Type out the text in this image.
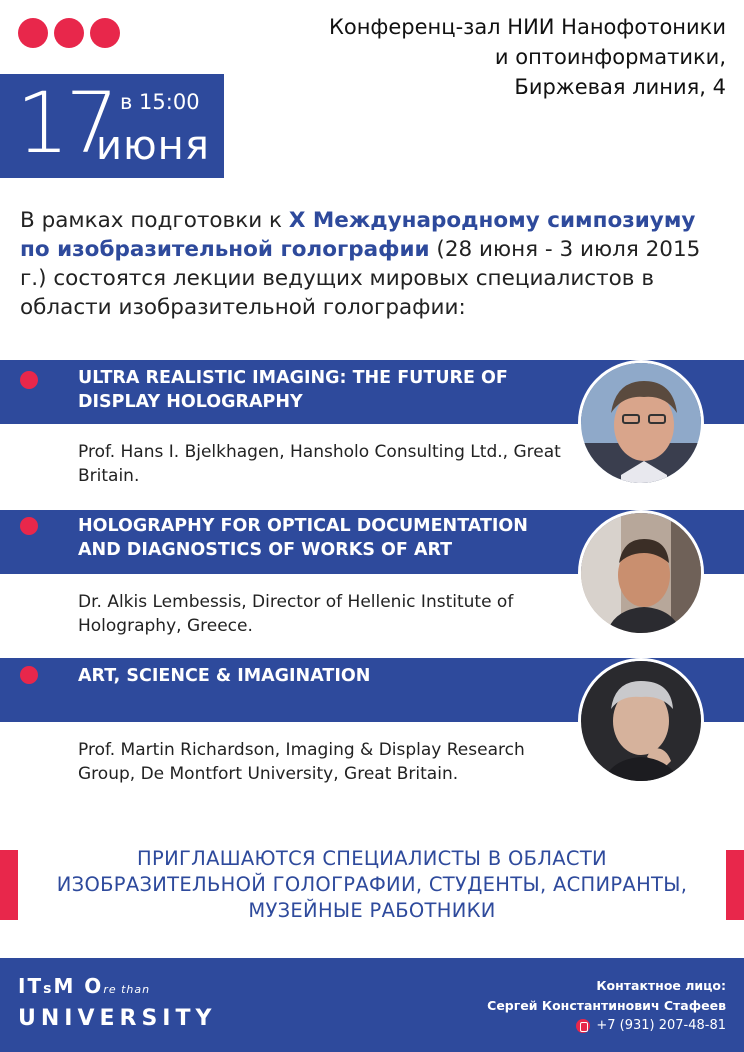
Конференц-зал НИИ Нанофотоники
и оптоинформатики,
Биржевая линия, 4
17 в 15:00
июня

В рамках подготовки к X Международному симпозиуму по изобразительной голографии (28 июня - 3 июля 2015 г.) состоятся лекции ведущих мировых специалистов в области изобразительной голографии:

ULTRA REALISTIC IMAGING: THE FUTURE OF DISPLAY HOLOGRAPHY
Prof. Hans I. Bjelkhagen, Hansholo Consulting Ltd., Great Britain.
HOLOGRAPHY FOR OPTICAL DOCUMENTATION AND DIAGNOSTICS OF WORKS OF ART
Dr. Alkis Lembessis, Director of Hellenic Institute of Holography, Greece.
ART, SCIENCE & IMAGINATION
Prof. Martin Richardson, Imaging & Display Research Group, De Montfort University, Great Britain.
ПРИГЛАШАЮТСЯ СПЕЦИАЛИСТЫ В ОБЛАСТИ
ИЗОБРАЗИТЕЛЬНОЙ ГОЛОГРАФИИ, СТУДЕНТЫ, АСПИРАНТЫ,
МУЗЕЙНЫЕ РАБОТНИКИ
ITsM Ore than
UNIVERSITY
Контактное лицо:
Сергей Константинович Стафеев
+7 (931) 207-48-81
